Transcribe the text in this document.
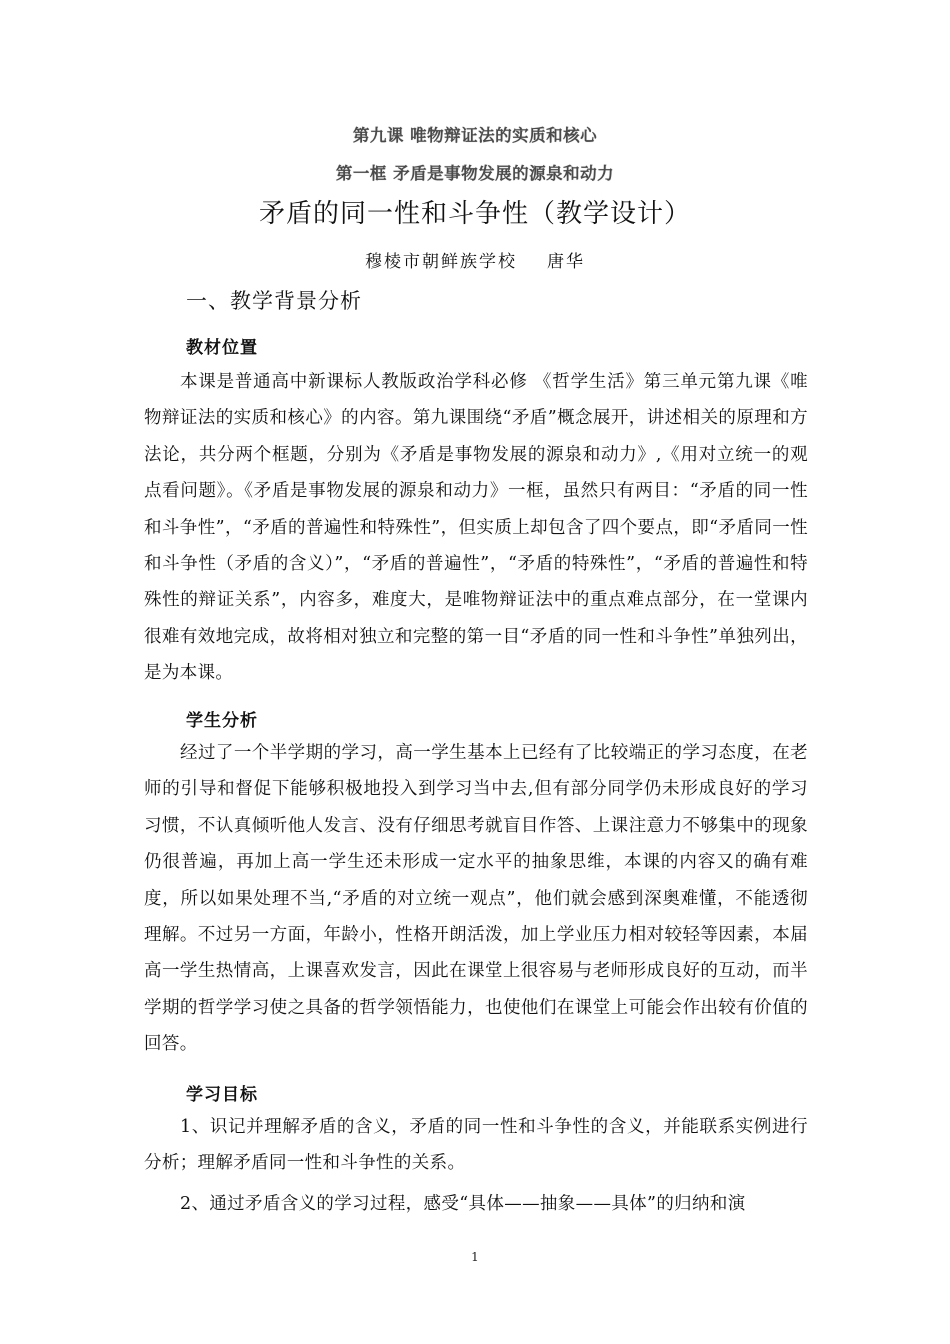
第九课 唯物辩证法的实质和核心
第一框 矛盾是事物发展的源泉和动力
矛盾的同一性和斗争性（教学设计）
穆棱市朝鲜族学校 唐华
一、教学背景分析
教材位置

本课是普通高中新课标人教版政治学科必修 《哲学生活》第三单元第九课《唯物辩证法的实质和核心》的内容。第九课围绕“矛盾”概念展开，讲述相关的原理和方法论，共分两个框题，分别为《矛盾是事物发展的源泉和动力》,《用对立统一的观点看问题》。《矛盾是事物发展的源泉和动力》一框，虽然只有两目：“矛盾的同一性和斗争性”，“矛盾的普遍性和特殊性”，但实质上却包含了四个要点，即“矛盾同一性和斗争性（矛盾的含义）”，“矛盾的普遍性”，“矛盾的特殊性”，“矛盾的普遍性和特殊性的辩证关系”，内容多，难度大，是唯物辩证法中的重点难点部分，在一堂课内很难有效地完成，故将相对独立和完整的第一目“矛盾的同一性和斗争性”单独列出，是为本课。

学生分析

经过了一个半学期的学习，高一学生基本上已经有了比较端正的学习态度，在老师的引导和督促下能够积极地投入到学习当中去,但有部分同学仍未形成良好的学习习惯，不认真倾听他人发言、没有仔细思考就盲目作答、上课注意力不够集中的现象仍很普遍，再加上高一学生还未形成一定水平的抽象思维，本课的内容又的确有难度，所以如果处理不当,“矛盾的对立统一观点”，他们就会感到深奥难懂，不能透彻理解。不过另一方面，年龄小，性格开朗活泼，加上学业压力相对较轻等因素，本届高一学生热情高，上课喜欢发言，因此在课堂上很容易与老师形成良好的互动，而半学期的哲学学习使之具备的哲学领悟能力，也使他们在课堂上可能会作出较有价值的回答。

学习目标

1、识记并理解矛盾的含义，矛盾的同一性和斗争性的含义，并能联系实例进行分析；理解矛盾同一性和斗争性的关系。

2、通过矛盾含义的学习过程，感受“具体——抽象——具体”的归纳和演

1
